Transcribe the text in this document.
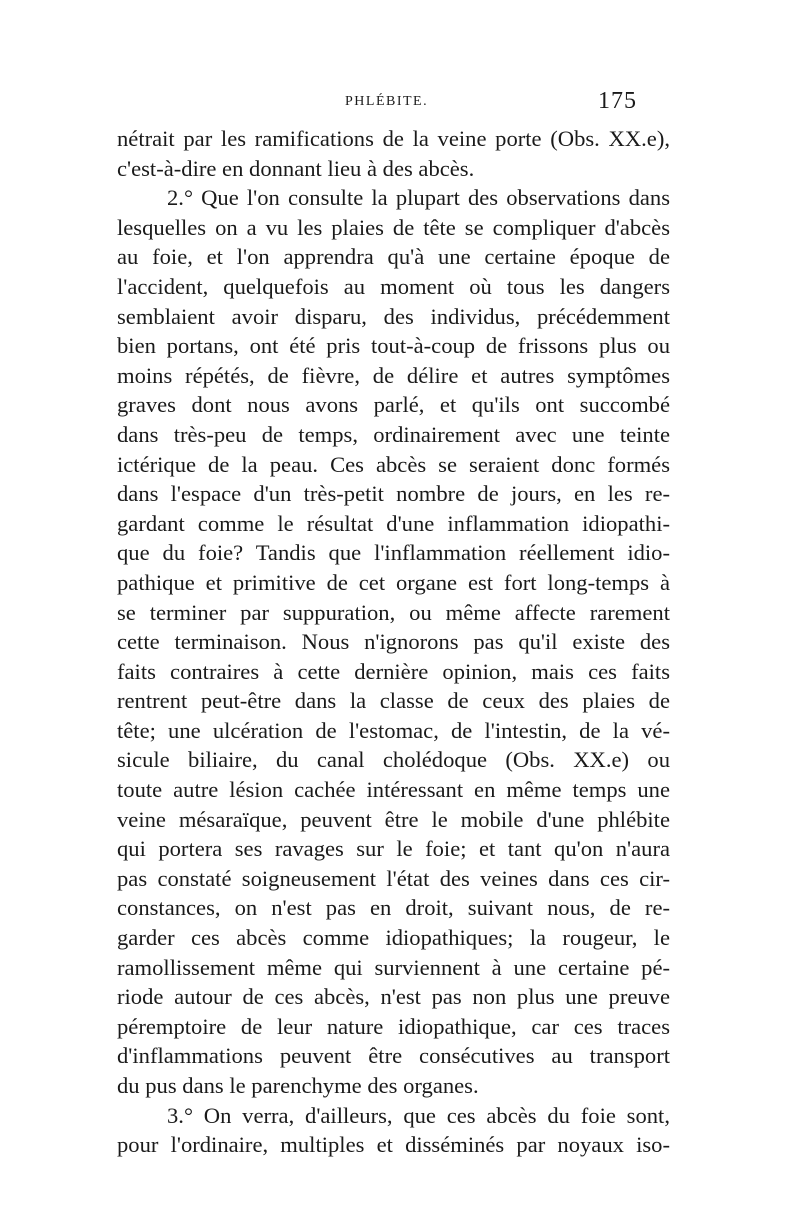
PHLÉBITE.	175
nétrait par les ramifications de la veine porte (Obs. XX.e),
c'est-à-dire en donnant lieu à des abcès.
2.° Que l'on consulte la plupart des observations dans
lesquelles on a vu les plaies de tête se compliquer d'abcès
au foie, et l'on apprendra qu'à une certaine époque de
l'accident, quelquefois au moment où tous les dangers
semblaient avoir disparu, des individus, précédemment
bien portans, ont été pris tout-à-coup de frissons plus ou
moins répétés, de fièvre, de délire et autres symptômes
graves dont nous avons parlé, et qu'ils ont succombé
dans très-peu de temps, ordinairement avec une teinte
ictérique de la peau. Ces abcès se seraient donc formés
dans l'espace d'un très-petit nombre de jours, en les re-
gardant comme le résultat d'une inflammation idiopathi-
que du foie? Tandis que l'inflammation réellement idio-
pathique et primitive de cet organe est fort long-temps à
se terminer par suppuration, ou même affecte rarement
cette terminaison. Nous n'ignorons pas qu'il existe des
faits contraires à cette dernière opinion, mais ces faits
rentrent peut-être dans la classe de ceux des plaies de
tête; une ulcération de l'estomac, de l'intestin, de la vé-
sicule biliaire, du canal cholédoque (Obs. XX.e) ou
toute autre lésion cachée intéressant en même temps une
veine mésaraïque, peuvent être le mobile d'une phlébite
qui portera ses ravages sur le foie; et tant qu'on n'aura
pas constaté soigneusement l'état des veines dans ces cir-
constances, on n'est pas en droit, suivant nous, de re-
garder ces abcès comme idiopathiques; la rougeur, le
ramollissement même qui surviennent à une certaine pé-
riode autour de ces abcès, n'est pas non plus une preuve
péremptoire de leur nature idiopathique, car ces traces
d'inflammations peuvent être consécutives au transport
du pus dans le parenchyme des organes.
3.° On verra, d'ailleurs, que ces abcès du foie sont,
pour l'ordinaire, multiples et disséminés par noyaux iso-
